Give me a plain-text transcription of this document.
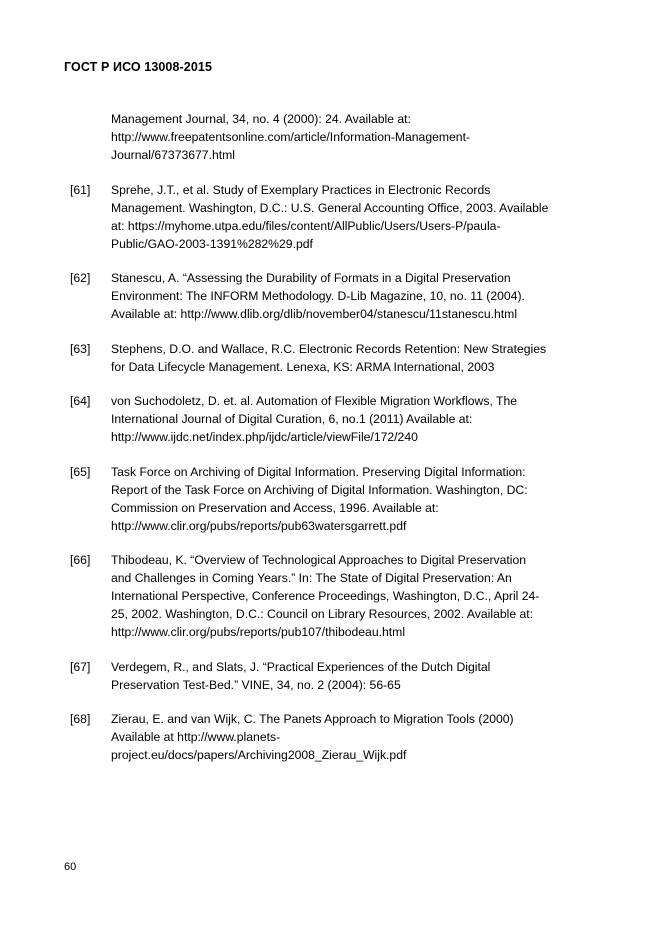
ГОСТ Р ИСО 13008-2015
Management Journal, 34, no. 4 (2000): 24. Available at:
http://www.freepatentsonline.com/article/Information-Management-
Journal/67373677.html
[61] Sprehe, J.T., et al. Study of Exemplary Practices in Electronic Records
Management. Washington, D.C.: U.S. General Accounting Office, 2003. Available
at: https://myhome.utpa.edu/files/content/AllPublic/Users/Users-P/paula-
Public/GAO-2003-1391%282%29.pdf
[62] Stanescu, A. “Assessing the Durability of Formats in a Digital Preservation
Environment: The INFORM Methodology. D-Lib Magazine, 10, no. 11 (2004).
Available at: http://www.dlib.org/dlib/november04/stanescu/11stanescu.html
[63] Stephens, D.O. and Wallace, R.C. Electronic Records Retention: New Strategies
for Data Lifecycle Management. Lenexa, KS: ARMA International, 2003
[64] von Suchodoletz, D. et. al. Automation of Flexible Migration Workflows, The
International Journal of Digital Curation, 6, no.1 (2011) Available at:
http://www.ijdc.net/index.php/ijdc/article/viewFile/172/240
[65] Task Force on Archiving of Digital Information. Preserving Digital Information:
Report of the Task Force on Archiving of Digital Information. Washington, DC:
Commission on Preservation and Access, 1996. Available at:
http://www.clir.org/pubs/reports/pub63watersgarrett.pdf
[66] Thibodeau, K. “Overview of Technological Approaches to Digital Preservation
and Challenges in Coming Years.” In: The State of Digital Preservation: An
International Perspective, Conference Proceedings, Washington, D.C., April 24-
25, 2002. Washington, D.C.: Council on Library Resources, 2002. Available at:
http://www.clir.org/pubs/reports/pub107/thibodeau.html
[67] Verdegem, R., and Slats, J. “Practical Experiences of the Dutch Digital
Preservation Test-Bed.” VINE, 34, no. 2 (2004): 56-65
[68] Zierau, E. and van Wijk, C. The Panets Approach to Migration Tools (2000)
Available at http://www.planets-
project.eu/docs/papers/Archiving2008_Zierau_Wijk.pdf
60
